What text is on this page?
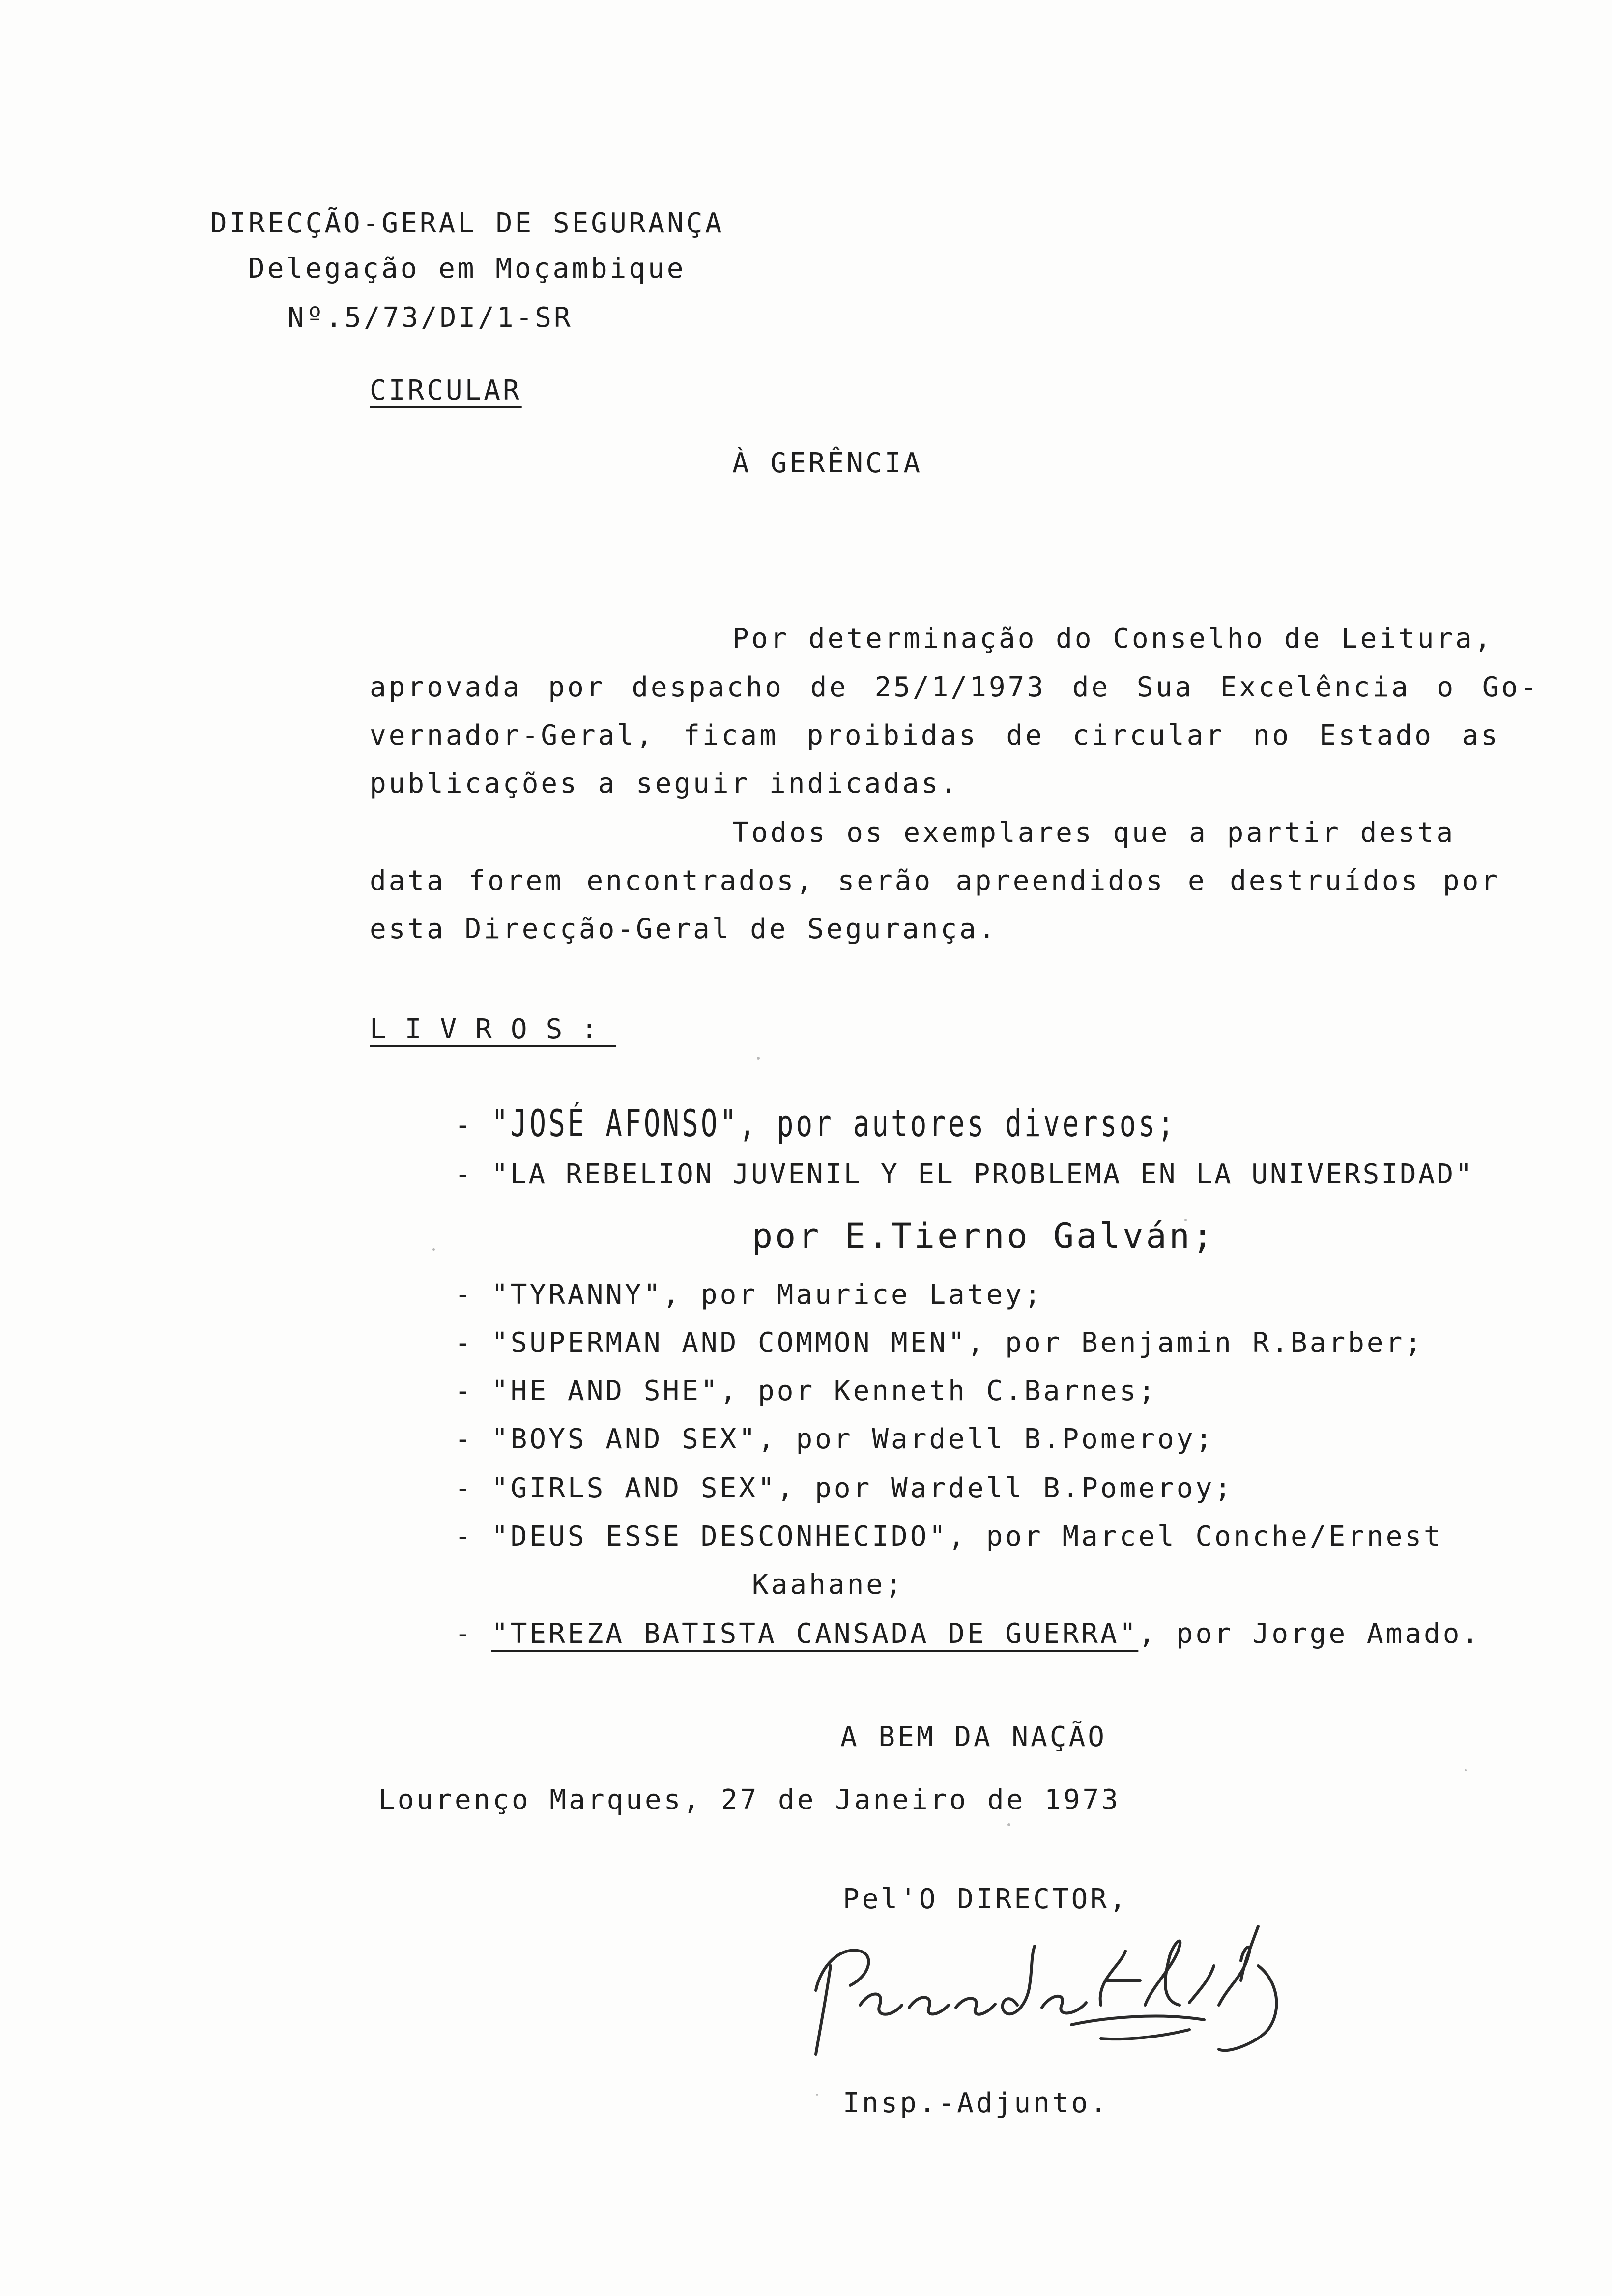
DIRECÇÃO-GERAL DE SEGURANÇA
Delegação em Moçambique
Nº.5/73/DI/1-SR
CIRCULAR
À GERÊNCIA
Por determinação do Conselho de Leitura,
aprovada por despacho de 25/1/1973 de Sua Excelência o Go-
vernador-Geral, ficam proibidas de circular no Estado as
publicações a seguir indicadas.
Todos os exemplares que a partir desta
data forem encontrados, serão apreendidos e destruídos por
esta Direcção-Geral de Segurança.
LIVROS:
- "JOSÉ AFONSO", por autores diversos;
- "LA REBELION JUVENIL Y EL PROBLEMA EN LA UNIVERSIDAD"
por E.Tierno Galván;
- "TYRANNY", por Maurice Latey;
- "SUPERMAN AND COMMON MEN", por Benjamin R.Barber;
- "HE AND SHE", por Kenneth C.Barnes;
- "BOYS AND SEX", por Wardell B.Pomeroy;
- "GIRLS AND SEX", por Wardell B.Pomeroy;
- "DEUS ESSE DESCONHECIDO", por Marcel Conche/Ernest
Kaahane;
- "TEREZA BATISTA CANSADA DE GUERRA", por Jorge Amado.
A BEM DA NAÇÃO
Lourenço Marques, 27 de Janeiro de 1973
Pel'O DIRECTOR,
Insp.-Adjunto.
